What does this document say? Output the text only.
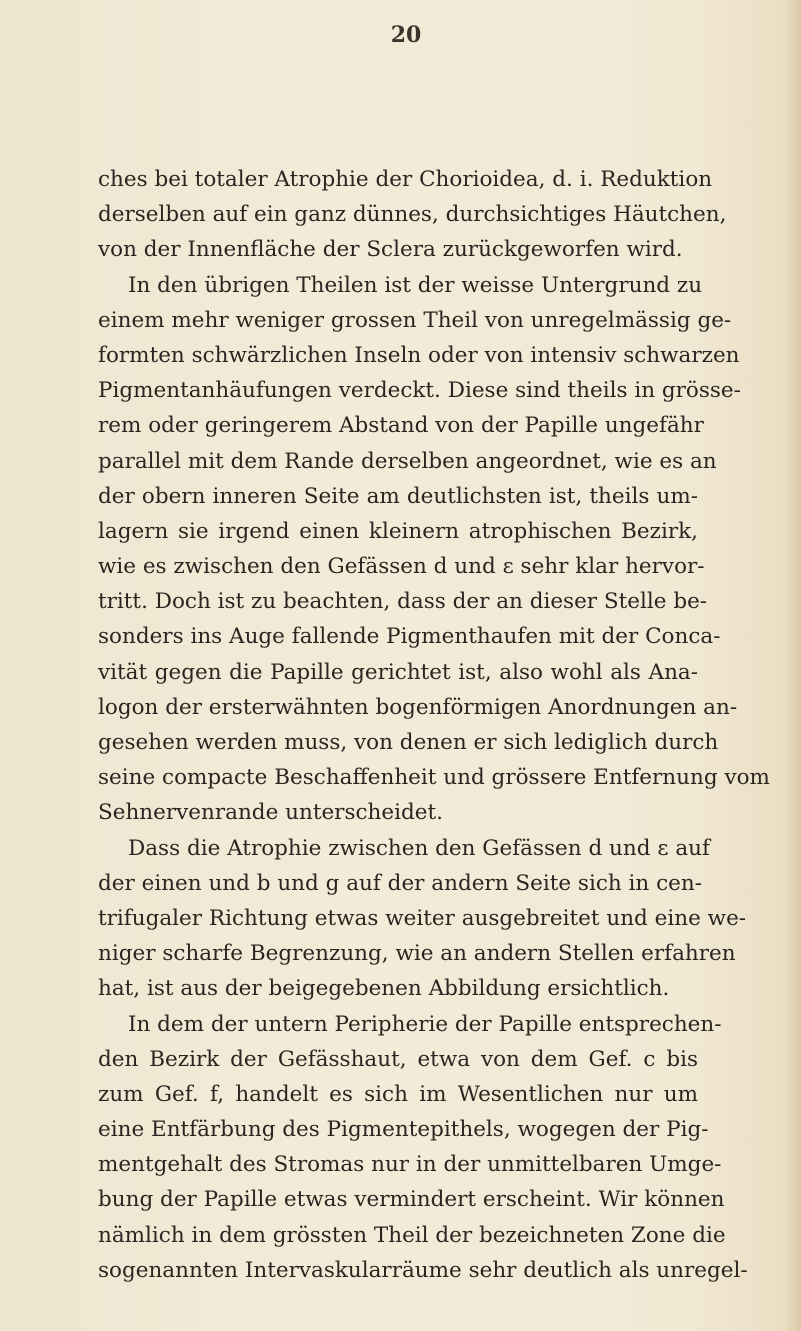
20
ches bei totaler Atrophie der Chorioidea, d. i. Reduktion
derselben auf ein ganz dünnes, durchsichtiges Häutchen,
von der Innenfläche der Sclera zurückgeworfen wird.
In den übrigen Theilen ist der weisse Untergrund zu
einem mehr weniger grossen Theil von unregelmässig ge-
formten schwärzlichen Inseln oder von intensiv schwarzen
Pigmentanhäufungen verdeckt. Diese sind theils in grösse-
rem oder geringerem Abstand von der Papille ungefähr
parallel mit dem Rande derselben angeordnet, wie es an
der obern inneren Seite am deutlichsten ist, theils um-
lagern sie irgend einen kleinern atrophischen Bezirk,
wie es zwischen den Gefässen d und ε sehr klar hervor-
tritt. Doch ist zu beachten, dass der an dieser Stelle be-
sonders ins Auge fallende Pigmenthaufen mit der Conca-
vität gegen die Papille gerichtet ist, also wohl als Ana-
logon der ersterwähnten bogenförmigen Anordnungen an-
gesehen werden muss, von denen er sich lediglich durch
seine compacte Beschaffenheit und grössere Entfernung vom
Sehnervenrande unterscheidet.
Dass die Atrophie zwischen den Gefässen d und ε auf
der einen und b und g auf der andern Seite sich in cen-
trifugaler Richtung etwas weiter ausgebreitet und eine we-
niger scharfe Begrenzung, wie an andern Stellen erfahren
hat, ist aus der beigegebenen Abbildung ersichtlich.
In dem der untern Peripherie der Papille entsprechen-
den Bezirk der Gefässhaut, etwa von dem Gef. c bis
zum Gef. f, handelt es sich im Wesentlichen nur um
eine Entfärbung des Pigmentepithels, wogegen der Pig-
mentgehalt des Stromas nur in der unmittelbaren Umge-
bung der Papille etwas vermindert erscheint. Wir können
nämlich in dem grössten Theil der bezeichneten Zone die
sogenannten Intervaskularräume sehr deutlich als unregel-
